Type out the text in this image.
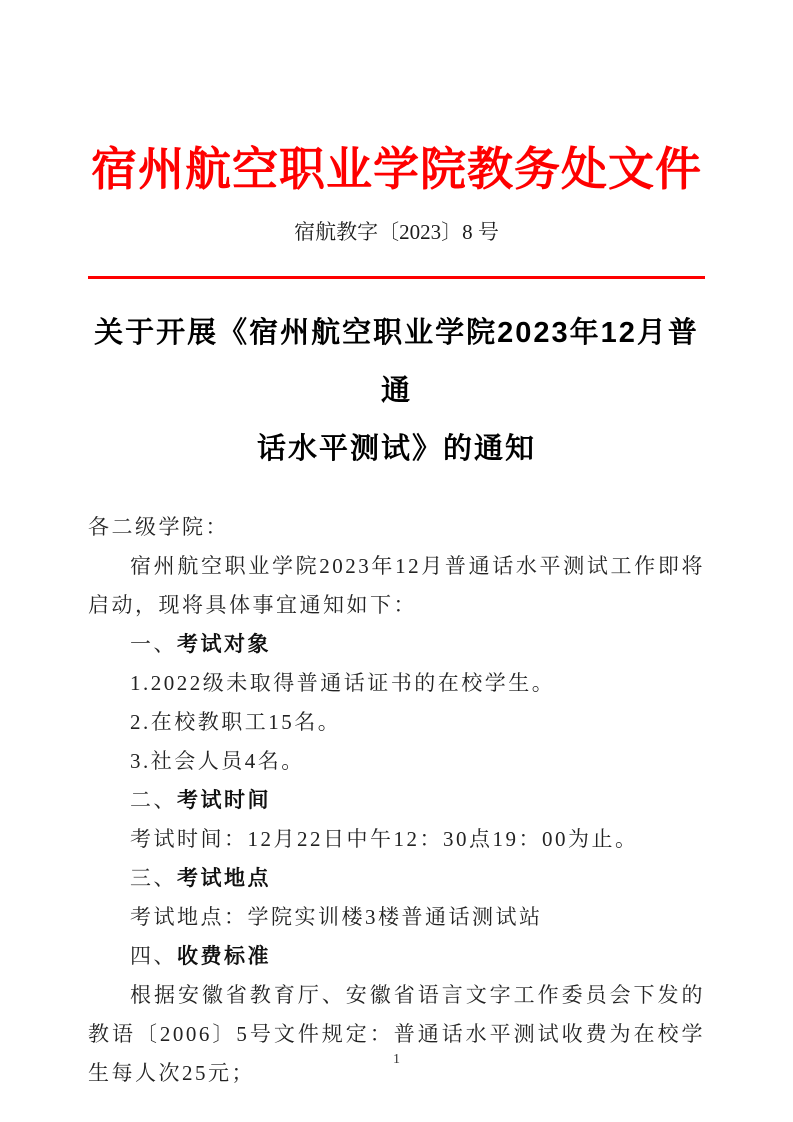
宿州航空职业学院教务处文件
宿航教字〔2023〕8 号
关于开展《宿州航空职业学院2023年12月普通
话水平测试》的通知

各二级学院：

宿州航空职业学院2023年12月普通话水平测试工作即将启动，现将具体事宜通知如下：

一、考试对象

1.2022级未取得普通话证书的在校学生。

2.在校教职工15名。

3.社会人员4名。

二、考试时间

考试时间：12月22日中午12：30点19：00为止。

三、考试地点

考试地点：学院实训楼3楼普通话测试站

四、收费标准

根据安徽省教育厅、安徽省语言文字工作委员会下发的教语〔2006〕5号文件规定：普通话水平测试收费为在校学生每人次25元；

1
